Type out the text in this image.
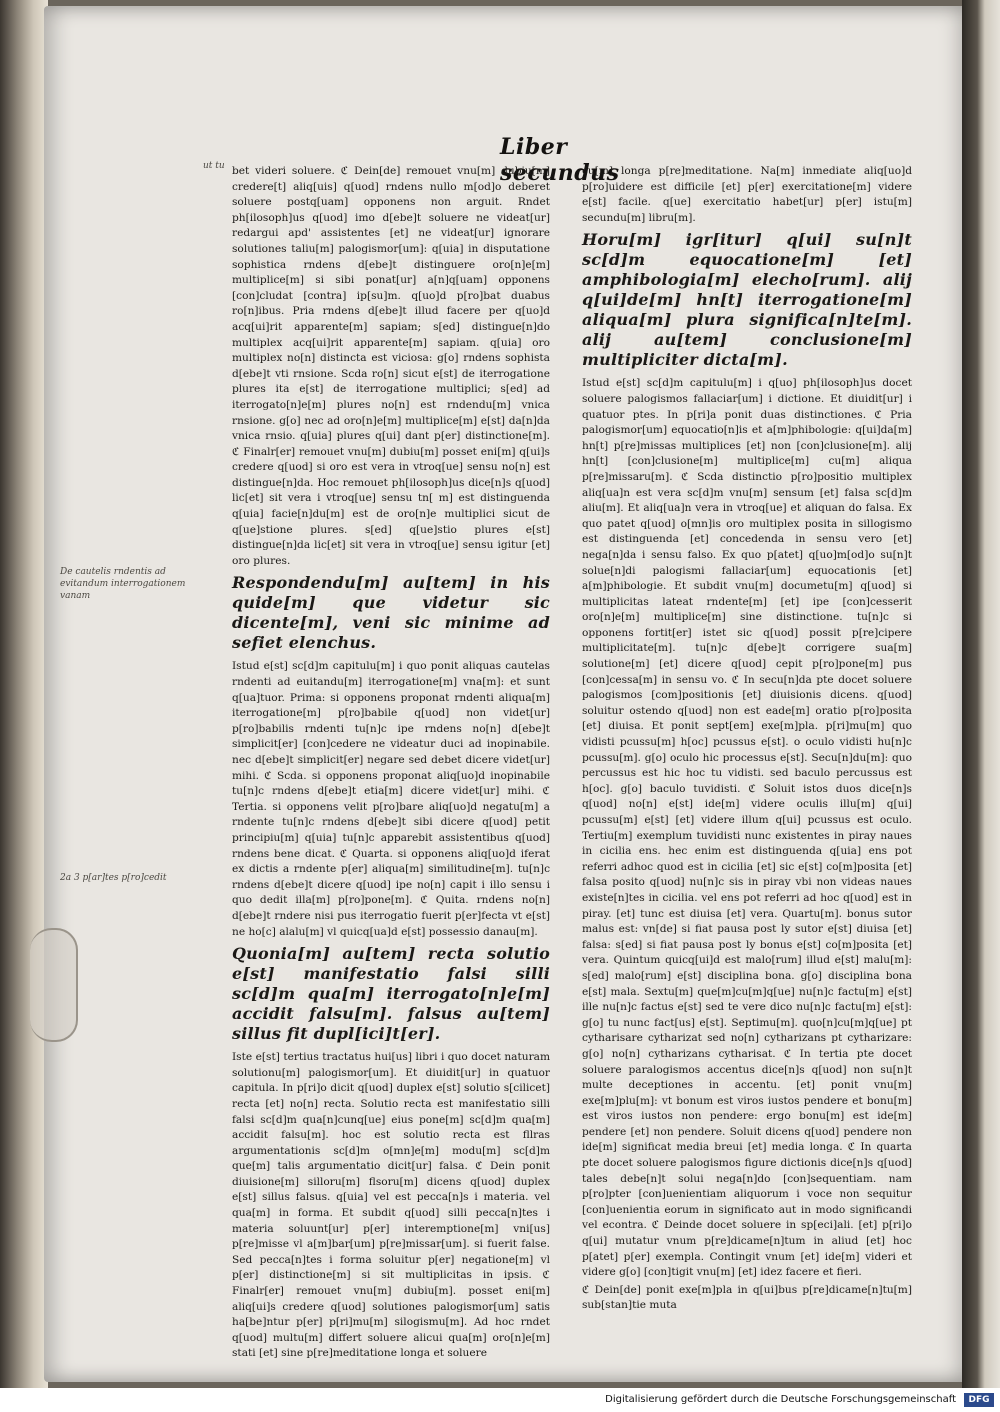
Liber secundus
ut tu
De cautelis rndentis ad evitandum interrogationem vanam
2a 3 p[ar]tes p[ro]cedit

bet videri soluere. ℭ Dein[de] remouet vnu[m] dubiu[m] credere[t] aliq[uis] q[uod] rndens nullo m[od]o deberet soluere postq[uam] opponens non arguit. Rndet ph[ilosoph]us q[uod] imo d[ebe]t soluere ne videat[ur] redargui apd' assistentes [et] ne videat[ur] ignorare solutiones taliu[m] palogismor[um]: q[uia] in disputatione sophistica rndens d[ebe]t distinguere oro[n]e[m] multiplice[m] si sibi ponat[ur] a[n]q[uam] opponens [con]cludat [contra] ip[su]m. q[uo]d p[ro]bat duabus ro[n]ibus. Pria rndens d[ebe]t illud facere per q[uo]d acq[ui]rit apparente[m] sapiam; s[ed] distingue[n]do multiplex acq[ui]rit apparente[m] sapiam. q[uia] oro multiplex no[n] distincta est viciosa: g[o] rndens sophista d[ebe]t vti rnsione. Scda ro[n] sicut e[st] de iterrogatione plures ita e[st] de iterrogatione multiplici; s[ed] ad iterrogato[n]e[m] plures no[n] est rndendu[m] vnica rnsione. g[o] nec ad oro[n]e[m] multiplice[m] e[st] da[n]da vnica rnsio. q[uia] plures q[ui] dant p[er] distinctione[m]. ℭ Finalr[er] remouet vnu[m] dubiu[m] posset eni[m] q[ui]s credere q[uod] si oro est vera in vtroq[ue] sensu no[n] est distingue[n]da. Hoc remouet ph[ilosoph]us dice[n]s q[uod] lic[et] sit vera i vtroq[ue] sensu tn[ m] est distinguenda q[uia] facie[n]du[m] est de oro[n]e multiplici sicut de q[ue]stione plures. s[ed] q[ue]stio plures e[st] distingue[n]da lic[et] sit vera in vtroq[ue] sensu igitur [et] oro plures.

Respondendu[m] au[tem] in his quide[m] que videtur sic dicente[m], veni sic minime ad sefiet elenchus.

Istud e[st] sc[d]m capitulu[m] i quo ponit aliquas cautelas rndenti ad euitandu[m] iterrogatione[m] vna[m]: et sunt q[ua]tuor. Prima: si opponens proponat rndenti aliqua[m] iterrogatione[m] p[ro]babile q[uod] non videt[ur] p[ro]babilis rndenti tu[n]c ipe rndens no[n] d[ebe]t simplicit[er] [con]cedere ne videatur duci ad inopinabile. nec d[ebe]t simplicit[er] negare sed debet dicere videt[ur] mihi. ℭ Scda. si opponens proponat aliq[uo]d inopinabile tu[n]c rndens d[ebe]t etia[m] dicere videt[ur] mihi. ℭ Tertia. si opponens velit p[ro]bare aliq[uo]d negatu[m] a rndente tu[n]c rndens d[ebe]t sibi dicere q[uod] petit principiu[m] q[uia] tu[n]c apparebit assistentibus q[uod] rndens bene dicat. ℭ Quarta. si opponens aliq[uo]d iferat ex dictis a rndente p[er] aliqua[m] similitudine[m]. tu[n]c rndens d[ebe]t dicere q[uod] ipe no[n] capit i illo sensu i quo dedit illa[m] p[ro]pone[m]. ℭ Quita. rndens no[n] d[ebe]t rndere nisi pus iterrogatio fuerit p[er]fecta vt e[st] ne ho[c] alalu[m] vl quicq[ua]d e[st] possessio danau[m].

Quonia[m] au[tem] recta solutio e[st] manifestatio falsi silli sc[d]m qua[m] iterrogato[n]e[m] accidit falsu[m]. falsus au[tem] sillus fit dupl[ici]t[er].

Iste e[st] tertius tractatus hui[us] libri i quo docet naturam solutionu[m] palogismor[um]. Et diuidit[ur] in quatuor capitula. In p[ri]o dicit q[uod] duplex e[st] solutio s[cilicet] recta [et] no[n] recta. Solutio recta est manifestatio silli falsi sc[d]m qua[n]cunq[ue] eius pone[m] sc[d]m qua[m] accidit falsu[m]. hoc est solutio recta est fllras argumentationis sc[d]m o[mn]e[m] modu[m] sc[d]m que[m] talis argumentatio dicit[ur] falsa. ℭ Dein ponit diuisione[m] silloru[m] flsoru[m] dicens q[uod] duplex e[st] sillus falsus. q[uia] vel est pecca[n]s i materia. vel qua[m] in forma. Et subdit q[uod] silli pecca[n]tes i materia soluunt[ur] p[er] interemptione[m] vni[us] p[re]misse vl a[m]bar[um] p[re]missar[um]. si fuerit false. Sed pecca[n]tes i forma soluitur p[er] negatione[m] vl p[er] distinctione[m] si sit multiplicitas in ipsis. ℭ Finalr[er] remouet vnu[m] dubiu[m]. posset eni[m] aliq[ui]s credere q[uod] solutiones palogismor[um] satis ha[be]ntur p[er] p[ri]mu[m] silogismu[m]. Ad hoc rndet q[uod] multu[m] differt soluere alicui qua[m] oro[n]e[m] stati [et] sine p[re]meditatione longa et soluere

cu[m] longa p[re]meditatione. Na[m] inmediate aliq[uo]d p[ro]uidere est difficile [et] p[er] exercitatione[m] videre e[st] facile. q[ue] exercitatio habet[ur] p[er] istu[m] secundu[m] libru[m].

Horu[m] igr[itur] q[ui] su[n]t sc[d]m equocatione[m] [et] amphibologia[m] elecho[rum]. alij q[ui]de[m] hn[t] iterrogatione[m] aliqua[m] plura significa[n]te[m]. alij au[tem] conclusione[m] multipliciter dicta[m].

Istud e[st] sc[d]m capitulu[m] i q[uo] ph[ilosoph]us docet soluere palogismos fallaciar[um] i dictione. Et diuidit[ur] i quatuor ptes. In p[ri]a ponit duas distinctiones. ℭ Pria palogismor[um] equocatio[n]is et a[m]phibologie: q[ui]da[m] hn[t] p[re]missas multiplices [et] non [con]clusione[m]. alij hn[t] [con]clusione[m] multiplice[m] cu[m] aliqua p[re]missaru[m]. ℭ Scda distinctio p[ro]positio multiplex aliq[ua]n est vera sc[d]m vnu[m] sensum [et] falsa sc[d]m aliu[m]. Et aliq[ua]n vera in vtroq[ue] et aliquan do falsa. Ex quo patet q[uod] o[mn]is oro multiplex posita in sillogismo est distinguenda [et] concedenda in sensu vero [et] nega[n]da i sensu falso. Ex quo p[atet] q[uo]m[od]o su[n]t solue[n]di palogismi fallaciar[um] equocationis [et] a[m]phibologie. Et subdit vnu[m] documetu[m] q[uod] si multiplicitas lateat rndente[m] [et] ipe [con]cesserit oro[n]e[m] multiplice[m] sine distinctione. tu[n]c si opponens fortit[er] istet sic q[uod] possit p[re]cipere multiplicitate[m]. tu[n]c d[ebe]t corrigere sua[m] solutione[m] [et] dicere q[uod] cepit p[ro]pone[m] pus [con]cessa[m] in sensu vo. ℭ In secu[n]da pte docet soluere palogismos [com]positionis [et] diuisionis dicens. q[uod] soluitur ostendo q[uod] non est eade[m] oratio p[ro]posita [et] diuisa. Et ponit sept[em] exe[m]pla. p[ri]mu[m] quo vidisti pcussu[m] h[oc] pcussus e[st]. o oculo vidisti hu[n]c pcussu[m]. g[o] oculo hic processus e[st]. Secu[n]du[m]: quo percussus est hic hoc tu vidisti. sed baculo percussus est h[oc]. g[o] baculo tuvidisti. ℭ Soluit istos duos dice[n]s q[uod] no[n] e[st] ide[m] videre oculis illu[m] q[ui] pcussu[m] e[st] [et] videre illum q[ui] pcussus est oculo. Tertiu[m] exemplum tuvidisti nunc existentes in piray naues in cicilia ens. hec enim est distinguenda q[uia] ens pot referri adhoc quod est in cicilia [et] sic e[st] co[m]posita [et] falsa posito q[uod] nu[n]c sis in piray vbi non videas naues existe[n]tes in cicilia. vel ens pot referri ad hoc q[uod] est in piray. [et] tunc est diuisa [et] vera. Quartu[m]. bonus sutor malus est: vn[de] si fiat pausa post ly sutor e[st] diuisa [et] falsa: s[ed] si fiat pausa post ly bonus e[st] co[m]posita [et] vera. Quintum quicq[ui]d est malo[rum] illud e[st] malu[m]: s[ed] malo[rum] e[st] disciplina bona. g[o] disciplina bona e[st] mala. Sextu[m] que[m]cu[m]q[ue] nu[n]c factu[m] e[st] ille nu[n]c factus e[st] sed te vere dico nu[n]c factu[m] e[st]: g[o] tu nunc fact[us] e[st]. Septimu[m]. quo[n]cu[m]q[ue] pt cytharisare cytharizat sed no[n] cytharizans pt cytharizare: g[o] no[n] cytharizans cytharisat. ℭ In tertia pte docet soluere paralogismos accentus dice[n]s q[uod] non su[n]t multe deceptiones in accentu. [et] ponit vnu[m] exe[m]plu[m]: vt bonum est viros iustos pendere et bonu[m] est viros iustos non pendere: ergo bonu[m] est ide[m] pendere [et] non pendere. Soluit dicens q[uod] pendere non ide[m] significat media breui [et] media longa. ℭ In quarta pte docet soluere palogismos figure dictionis dice[n]s q[uod] tales debe[n]t solui nega[n]do [con]sequentiam. nam p[ro]pter [con]uenientiam aliquorum i voce non sequitur [con]uenientia eorum in significato aut in modo significandi vel econtra. ℭ Deinde docet soluere in sp[eci]ali. [et] p[ri]o q[ui] mutatur vnum p[re]dicame[n]tum in aliud [et] hoc p[atet] p[er] exempla. Contingit vnum [et] ide[m] videri et videre g[o] [con]tigit vnu[m] [et] idez facere et fieri.

ℭ Dein[de] ponit exe[m]pla in q[ui]bus p[re]dicame[n]tu[m] sub[stan]tie muta

Digitalisierung gefördert durch die Deutsche Forschungsgemeinschaft	DFG
